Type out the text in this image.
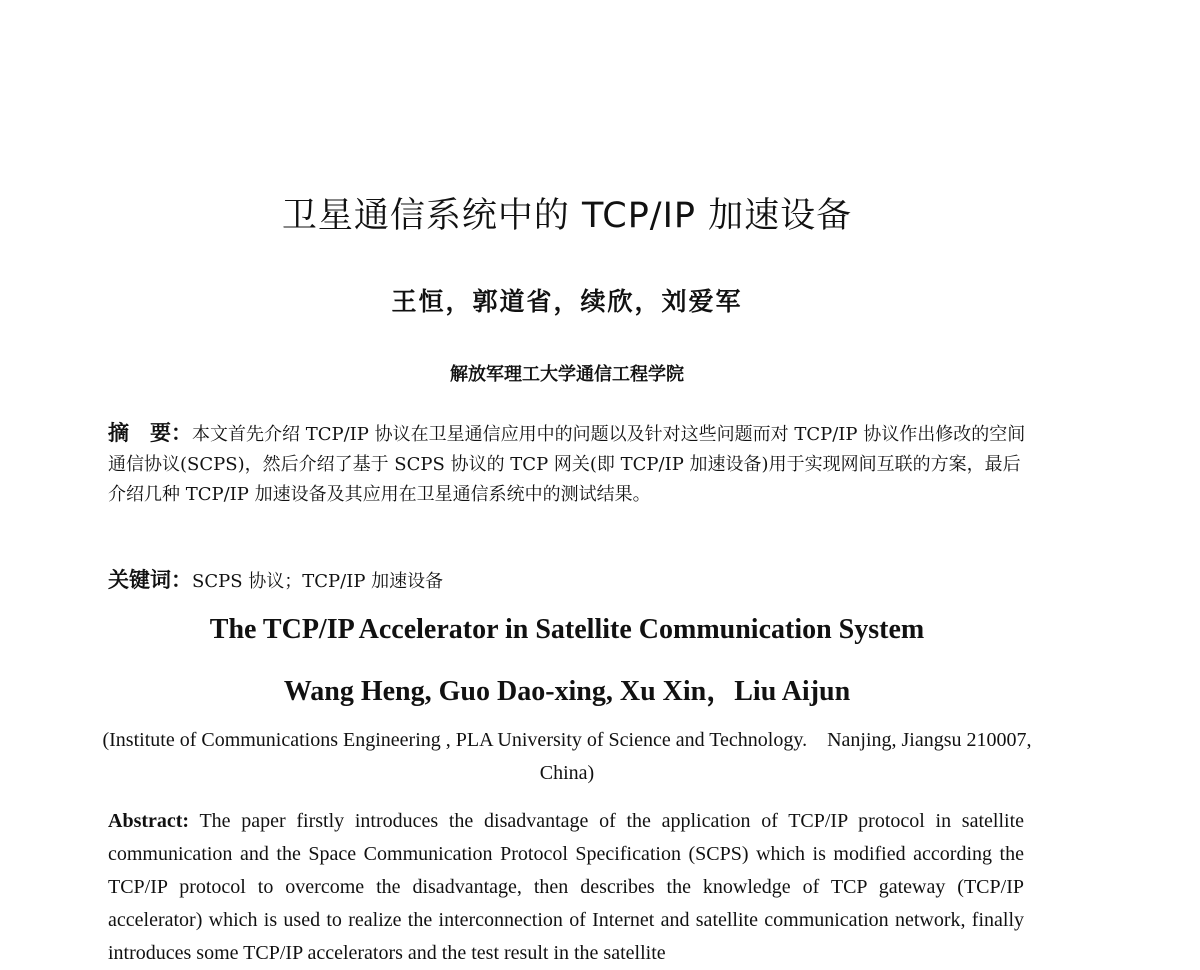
卫星通信系统中的 TCP/IP 加速设备
王恒，郭道省，续欣，刘爱军
解放军理工大学通信工程学院

摘　要：本文首先介绍 TCP/IP 协议在卫星通信应用中的问题以及针对这些问题而对 TCP/IP 协议作出修改的空间通信协议(SCPS)，然后介绍了基于 SCPS 协议的 TCP 网关(即 TCP/IP 加速设备)用于实现网间互联的方案，最后介绍几种 TCP/IP 加速设备及其应用在卫星通信系统中的测试结果。

关键词：SCPS 协议；TCP/IP 加速设备

The TCP/IP Accelerator in Satellite Communication System
Wang Heng, Guo Dao-xing, Xu Xin，Liu Aijun
(Institute of Communications Engineering , PLA University of Science and Technology.　Nanjing, Jiangsu 210007, China)

Abstract: The paper firstly introduces the disadvantage of the application of TCP/IP protocol in satellite communication and the Space Communication Protocol Specification (SCPS) which is modified according the TCP/IP protocol to overcome the disadvantage, then describes the knowledge of TCP gateway (TCP/IP accelerator) which is used to realize the interconnection of Internet and satellite communication network, finally introduces some TCP/IP accelerators and the test result in the satellite
